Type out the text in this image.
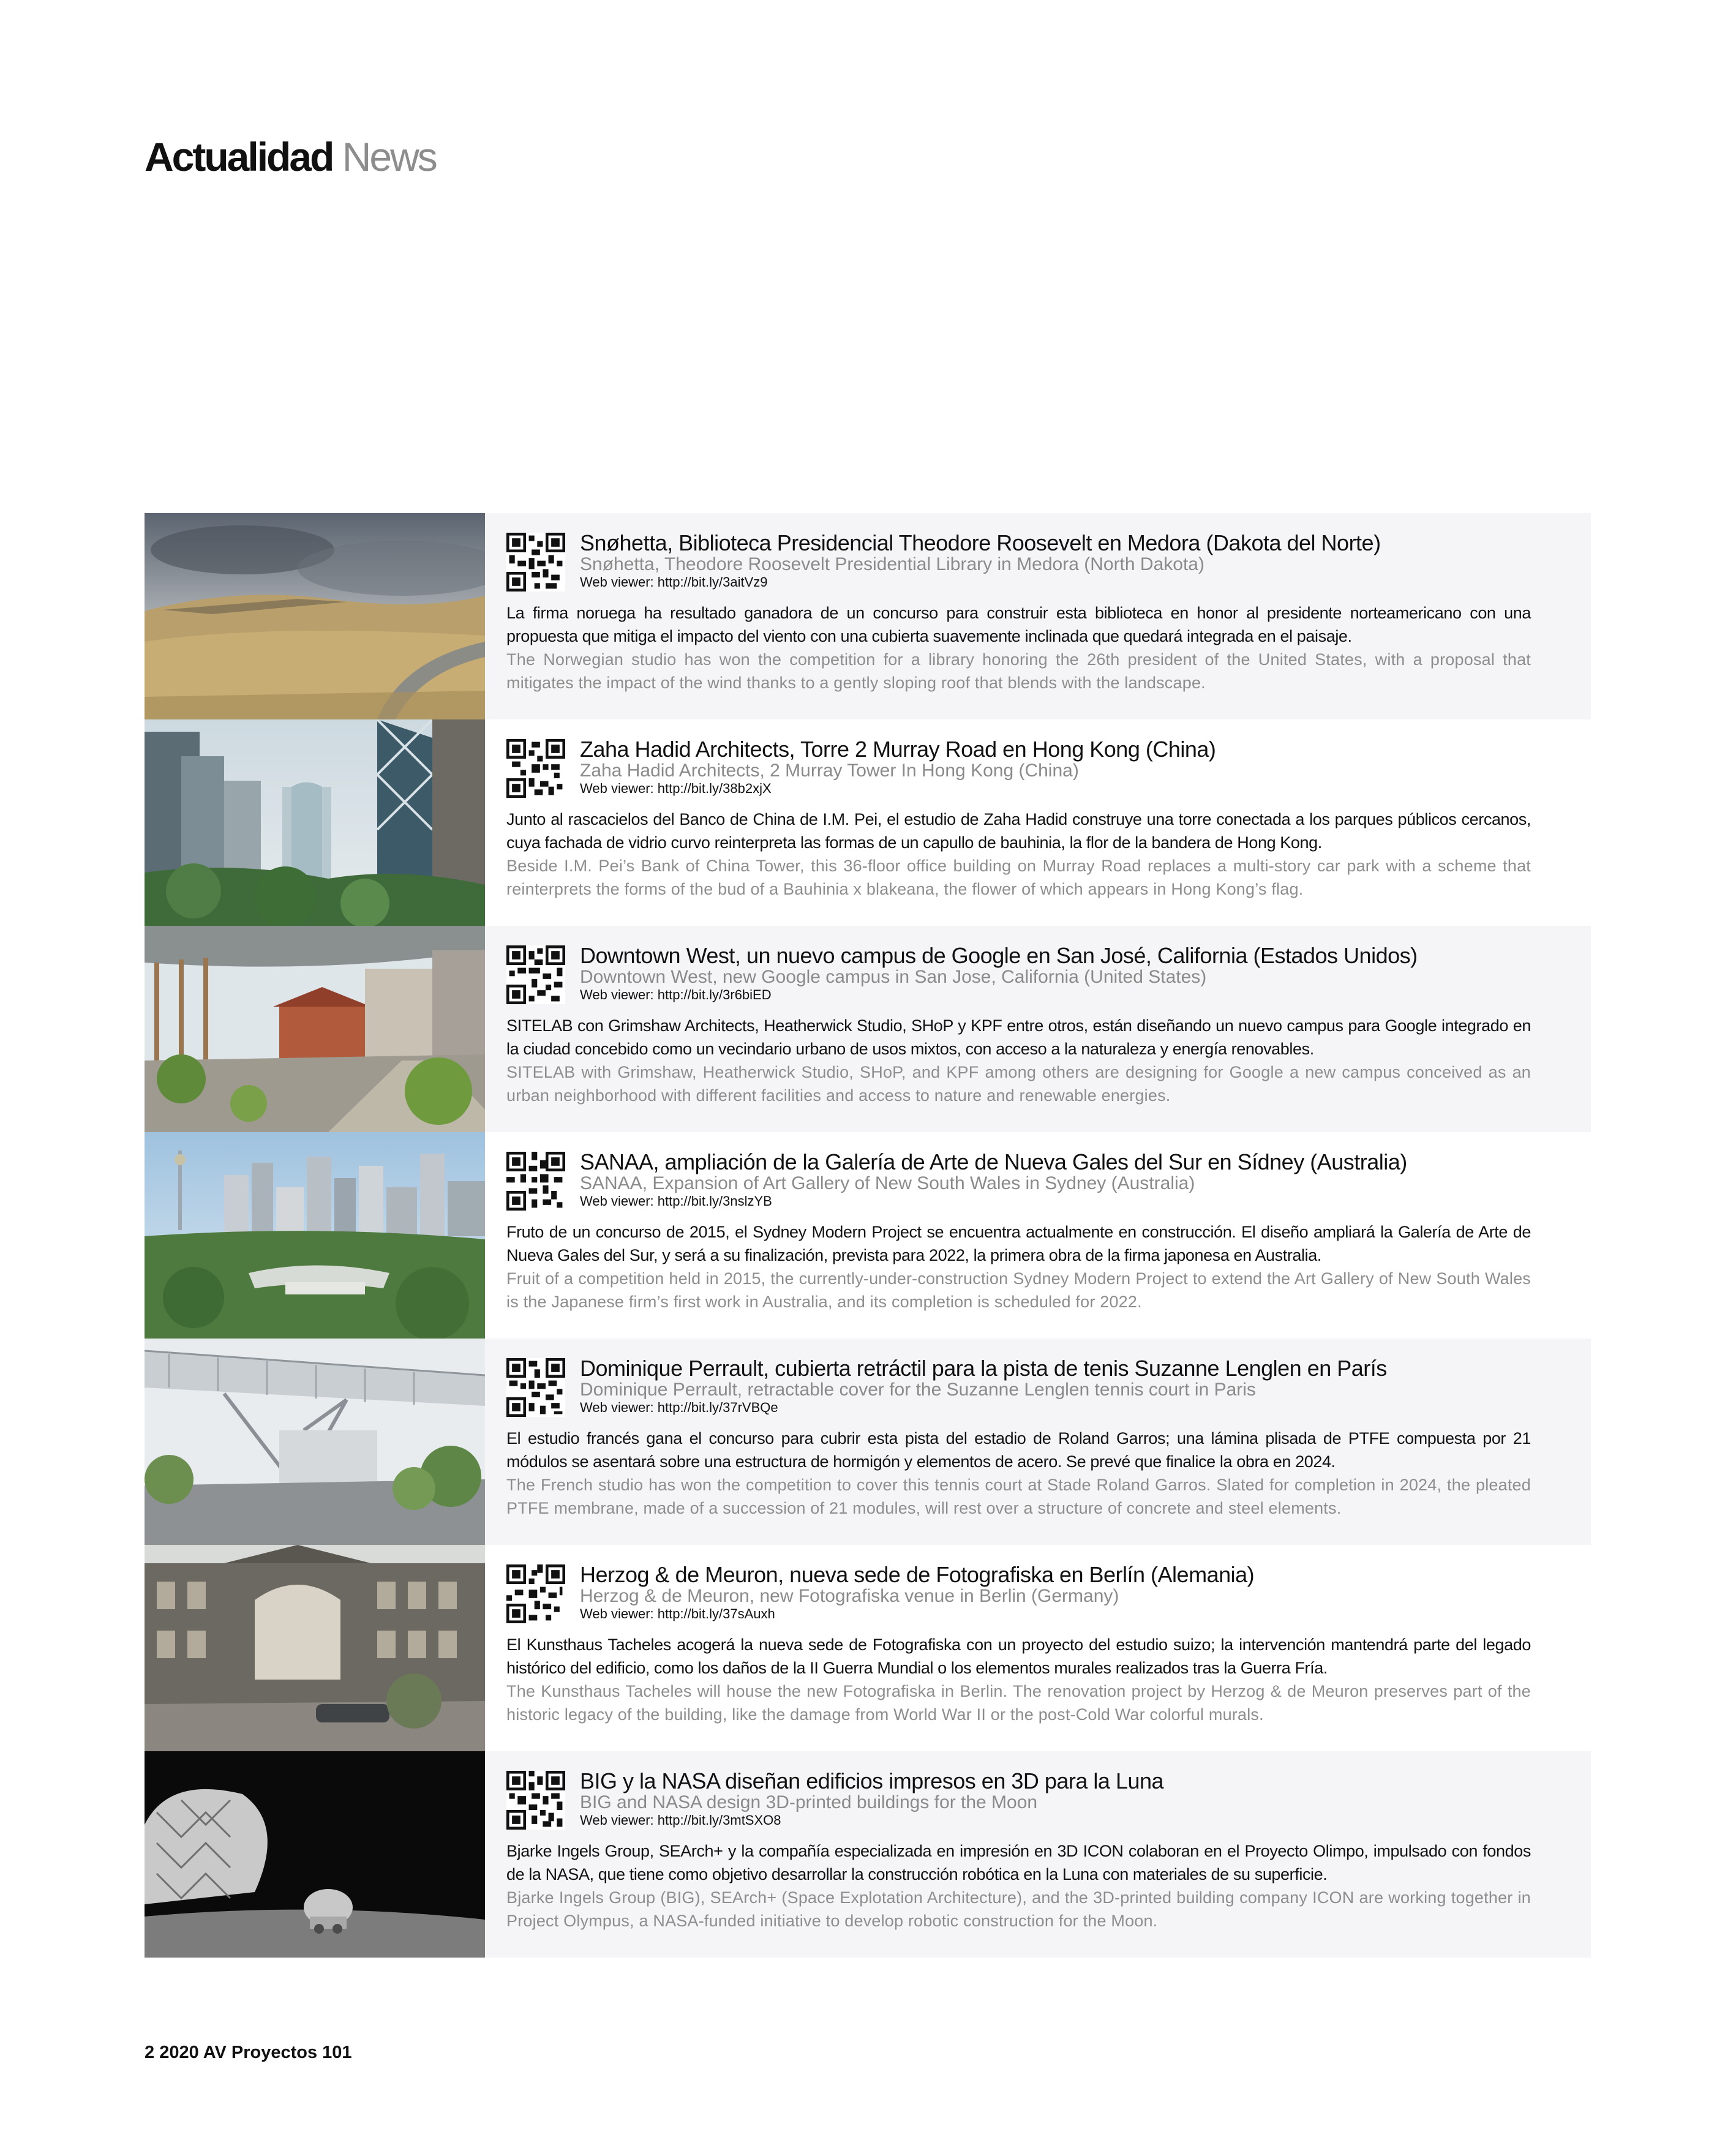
Actualidad News
Snøhetta, Biblioteca Presidencial Theodore Roosevelt en Medora (Dakota del Norte)
Snøhetta, Theodore Roosevelt Presidential Library in Medora (North Dakota)
Web viewer: http://bit.ly/3aitVz9
La firma noruega ha resultado ganadora de un concurso para construir esta biblioteca en honor al presidente norteamericano con una propuesta que mitiga el impacto del viento con una cubierta suavemente inclinada que quedará integrada en el paisaje.
The Norwegian studio has won the competition for a library honoring the 26th president of the United States, with a proposal that mitigates the impact of the wind thanks to a gently sloping roof that blends with the landscape.
Zaha Hadid Architects, Torre 2 Murray Road en Hong Kong (China)
Zaha Hadid Architects, 2 Murray Tower In Hong Kong (China)
Web viewer: http://bit.ly/38b2xjX
Junto al rascacielos del Banco de China de I.M. Pei, el estudio de Zaha Hadid construye una torre conectada a los parques públicos cercanos, cuya fachada de vidrio curvo reinterpreta las formas de un capullo de bauhinia, la flor de la bandera de Hong Kong.
Beside I.M. Pei’s Bank of China Tower, this 36-floor office building on Murray Road replaces a multi-story car park with a scheme that reinterprets the forms of the bud of a Bauhinia x blakeana, the flower of which appears in Hong Kong’s flag.
Downtown West, un nuevo campus de Google en San José, California (Estados Unidos)
Downtown West, new Google campus in San Jose, California (United States)
Web viewer: http://bit.ly/3r6biED
SITELAB con Grimshaw Architects, Heatherwick Studio, SHoP y KPF entre otros, están diseñando un nuevo campus para Google integrado en la ciudad concebido como un vecindario urbano de usos mixtos, con acceso a la naturaleza y energía renovables.
SITELAB with Grimshaw, Heatherwick Studio, SHoP, and KPF among others are designing for Google a new campus conceived as an urban neighborhood with different facilities and access to nature and renewable energies.
SANAA, ampliación de la Galería de Arte de Nueva Gales del Sur en Sídney (Australia)
SANAA, Expansion of Art Gallery of New South Wales in Sydney (Australia)
Web viewer: http://bit.ly/3nslzYB
Fruto de un concurso de 2015, el Sydney Modern Project se encuentra actualmente en construcción. El diseño ampliará la Galería de Arte de Nueva Gales del Sur, y será a su finalización, prevista para 2022, la primera obra de la firma japonesa en Australia.
Fruit of a competition held in 2015, the currently-under-construction Sydney Modern Project to extend the Art Gallery of New South Wales is the Japanese firm’s first work in Australia, and its completion is scheduled for 2022.
Dominique Perrault, cubierta retráctil para la pista de tenis Suzanne Lenglen en París
Dominique Perrault, retractable cover for the Suzanne Lenglen tennis court in Paris
Web viewer: http://bit.ly/37rVBQe
El estudio francés gana el concurso para cubrir esta pista del estadio de Roland Garros; una lámina plisada de PTFE compuesta por 21 módulos se asentará sobre una estructura de hormigón y elementos de acero. Se prevé que finalice la obra en 2024.
The French studio has won the competition to cover this tennis court at Stade Roland Garros. Slated for completion in 2024, the pleated PTFE membrane, made of a succession of 21 modules, will rest over a structure of concrete and steel elements.
Herzog & de Meuron, nueva sede de Fotografiska en Berlín (Alemania)
Herzog & de Meuron, new Fotografiska venue in Berlin (Germany)
Web viewer: http://bit.ly/37sAuxh
El Kunsthaus Tacheles acogerá la nueva sede de Fotografiska con un proyecto del estudio suizo; la intervención mantendrá parte del legado histórico del edificio, como los daños de la II Guerra Mundial o los elementos murales realizados tras la Guerra Fría.
The Kunsthaus Tacheles will house the new Fotografiska in Berlin. The renovation project by Herzog & de Meuron preserves part of the historic legacy of the building, like the damage from World War II or the post-Cold War colorful murals.
BIG y la NASA diseñan edificios impresos en 3D para la Luna
BIG and NASA design 3D-printed buildings for the Moon
Web viewer: http://bit.ly/3mtSXO8
Bjarke Ingels Group, SEArch+ y la compañía especializada en impresión en 3D ICON colaboran en el Proyecto Olimpo, impulsado con fondos de la NASA, que tiene como objetivo desarrollar la construcción robótica en la Luna con materiales de su superficie.
Bjarke Ingels Group (BIG), SEArch+ (Space Explotation Architecture), and the 3D-printed building company ICON are working together in Project Olympus, a NASA-funded initiative to develop robotic construction for the Moon.
2 2020 AV Proyectos 101
